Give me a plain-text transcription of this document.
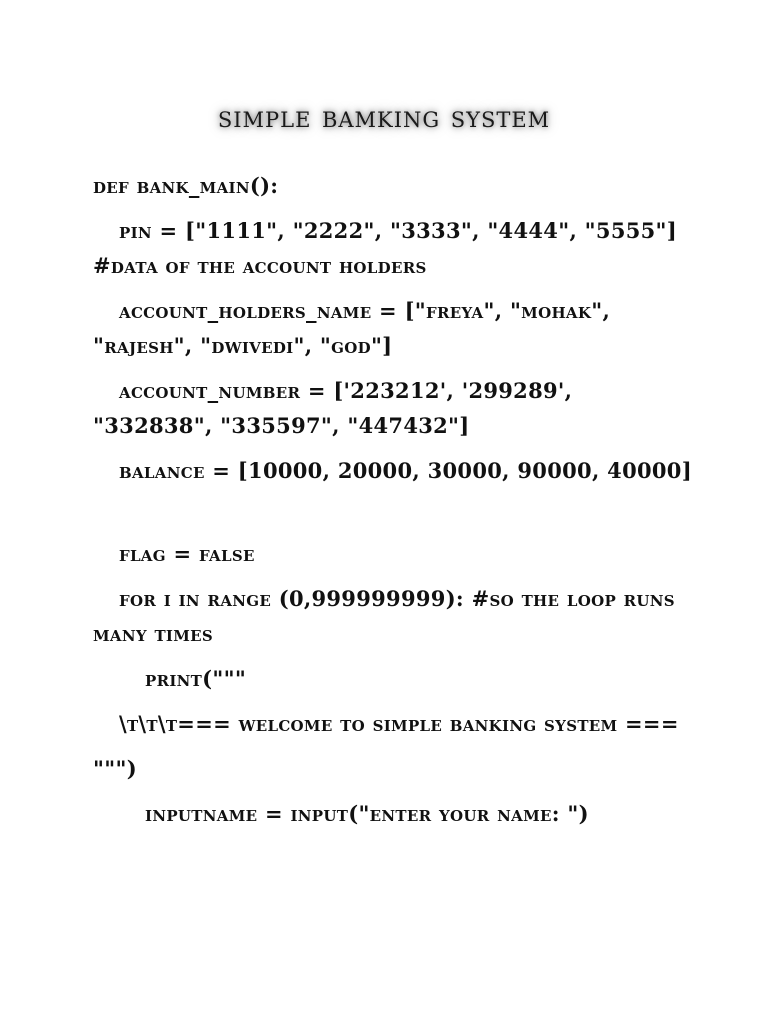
simple bamking system
def bank_main():
pin = ["1111", "2222", "3333", "4444", "5555"] #data of the account holders
account_holders_name = ["freya", "mohak", "rajesh", "dwivedi", "god"]
account_number = ['223212', '299289', "332838", "335597", "447432"]
balance = [10000, 20000, 30000, 90000, 40000]
flag = false
for i in range (0,999999999): #so the loop runs many times
print("""
\t\t\t=== welcome to simple banking system ===
""")
inputname = input("enter your name: ")
